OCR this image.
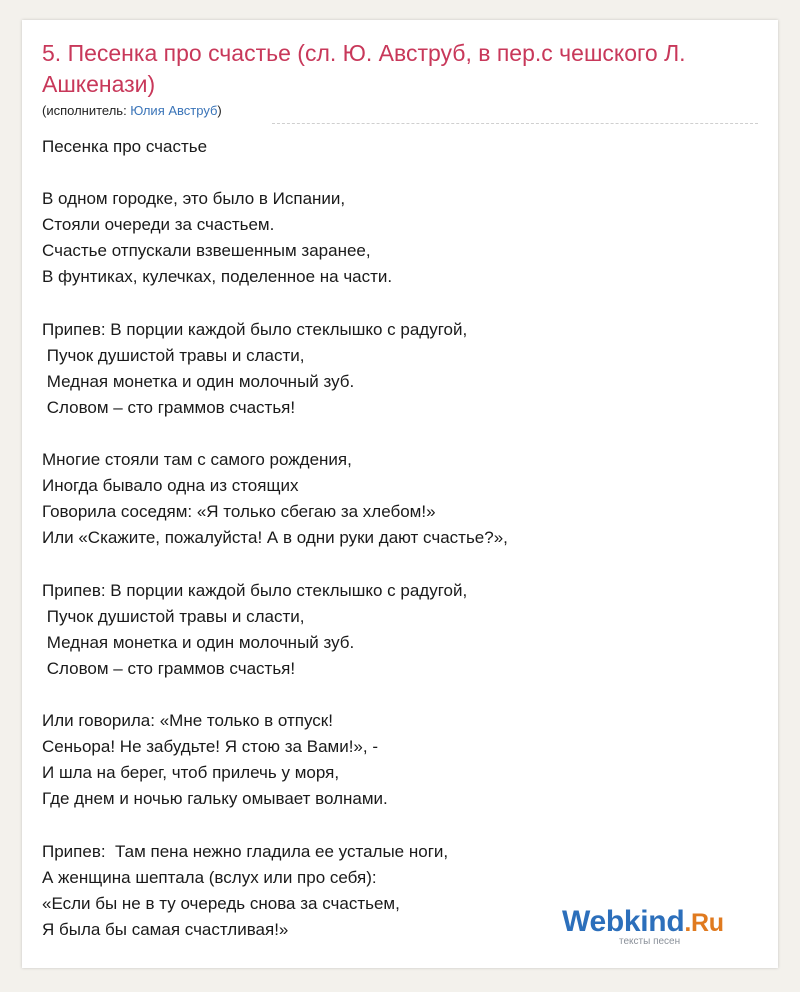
5. Песенка про счастье (сл. Ю. Авструб, в пер.с чешского Л. Ашкенази)

(исполнитель: Юлия Авструб)

Песенка про счастье
В одном городке, это было в Испании,
Стояли очереди за счастьем.
Счастье отпускали взвешенным заранее,
В фунтиках, кулечках, поделенное на части.
Припев: В порции каждой было стеклышко с радугой,
Пучок душистой травы и сласти,
Медная монетка и один молочный зуб.
Словом – сто граммов счастья!
Многие стояли там с самого рождения,
Иногда бывало одна из стоящих
Говорила соседям: «Я только сбегаю за хлебом!»
Или «Скажите, пожалуйста! А в одни руки дают счастье?»,
Припев: В порции каждой было стеклышко с радугой,
Пучок душистой травы и сласти,
Медная монетка и один молочный зуб.
Словом – сто граммов счастья!
Или говорила: «Мне только в отпуск!
Сеньора! Не забудьте! Я стою за Вами!», -
И шла на берег, чтоб прилечь у моря,
Где днем и ночью гальку омывает волнами.
Припев:  Там пена нежно гладила ее усталые ноги,
А женщина шептала (вслух или про себя):
«Если бы не в ту очередь снова за счастьем,
Я была бы самая счастливая!»	Webkind.Ru
тексты песен
